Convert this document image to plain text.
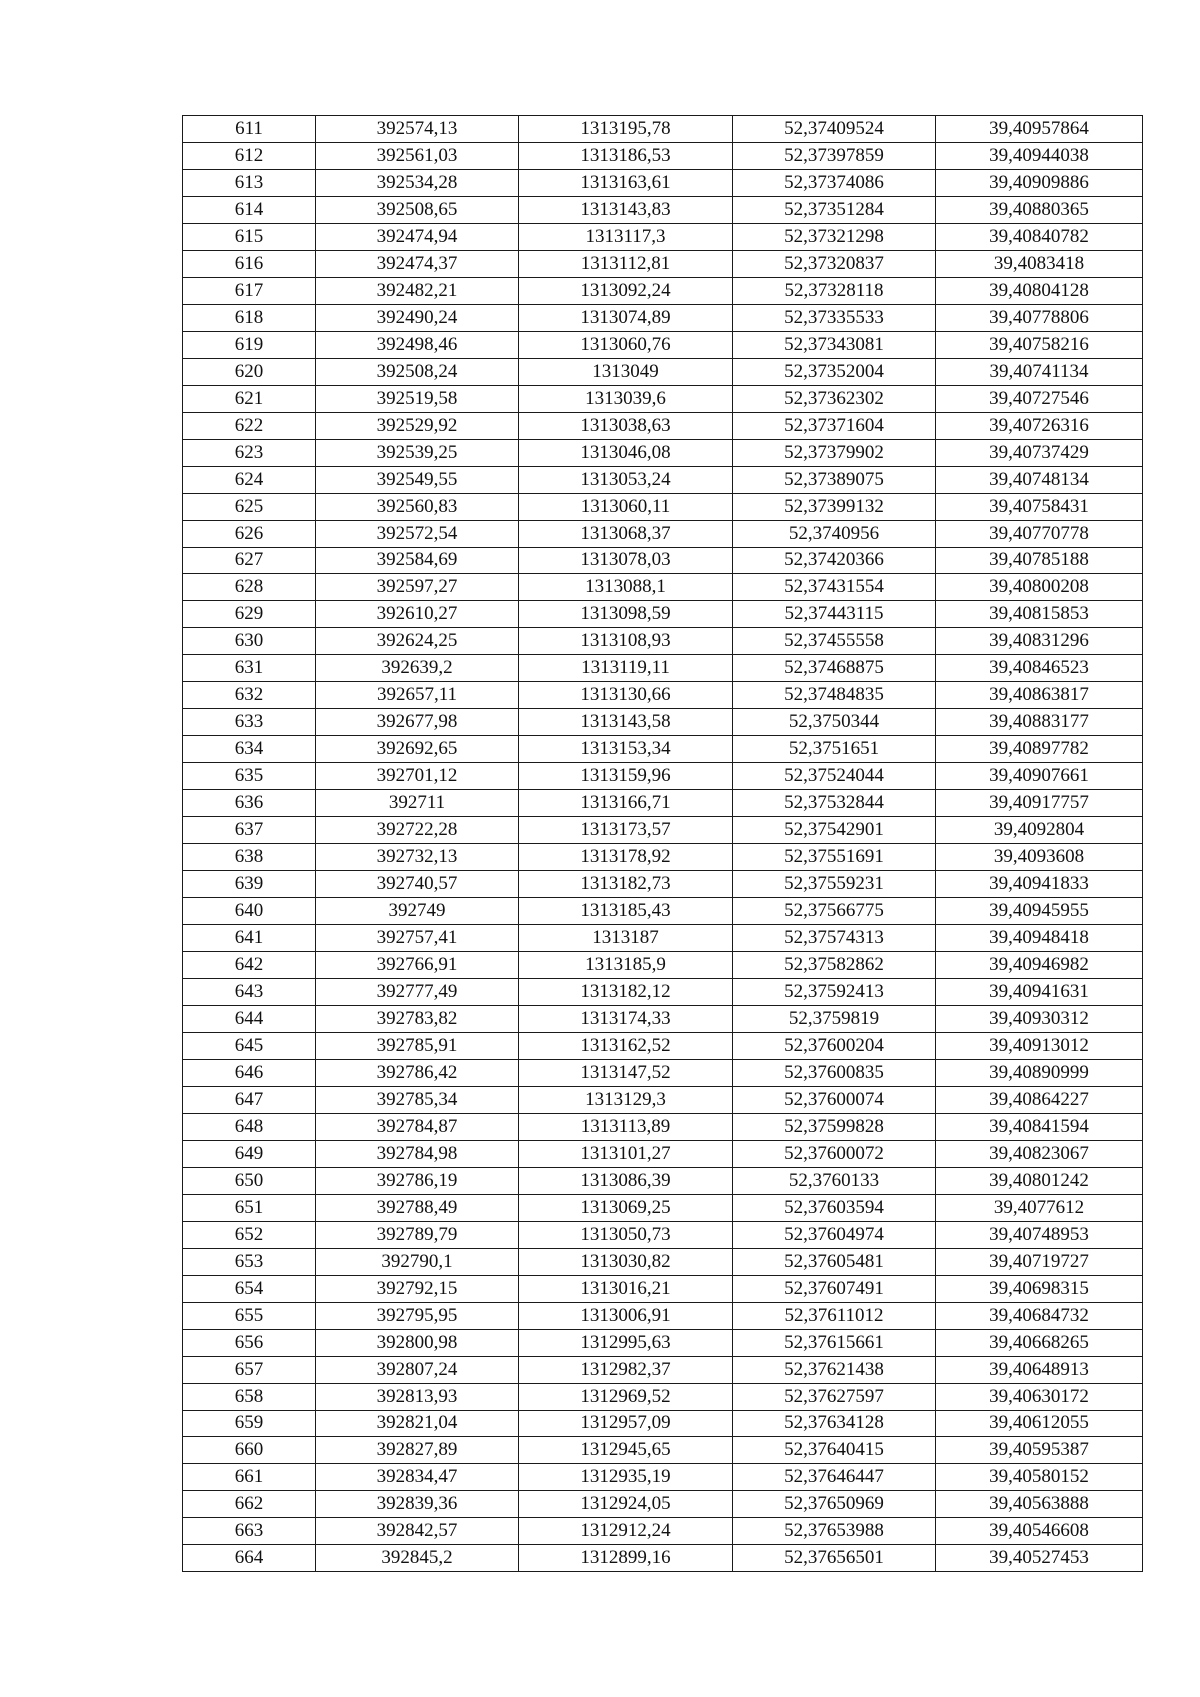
611	392574,13	1313195,78	52,37409524	39,40957864
612	392561,03	1313186,53	52,37397859	39,40944038
613	392534,28	1313163,61	52,37374086	39,40909886
614	392508,65	1313143,83	52,37351284	39,40880365
615	392474,94	1313117,3	52,37321298	39,40840782
616	392474,37	1313112,81	52,37320837	39,4083418
617	392482,21	1313092,24	52,37328118	39,40804128
618	392490,24	1313074,89	52,37335533	39,40778806
619	392498,46	1313060,76	52,37343081	39,40758216
620	392508,24	1313049	52,37352004	39,40741134
621	392519,58	1313039,6	52,37362302	39,40727546
622	392529,92	1313038,63	52,37371604	39,40726316
623	392539,25	1313046,08	52,37379902	39,40737429
624	392549,55	1313053,24	52,37389075	39,40748134
625	392560,83	1313060,11	52,37399132	39,40758431
626	392572,54	1313068,37	52,3740956	39,40770778
627	392584,69	1313078,03	52,37420366	39,40785188
628	392597,27	1313088,1	52,37431554	39,40800208
629	392610,27	1313098,59	52,37443115	39,40815853
630	392624,25	1313108,93	52,37455558	39,40831296
631	392639,2	1313119,11	52,37468875	39,40846523
632	392657,11	1313130,66	52,37484835	39,40863817
633	392677,98	1313143,58	52,3750344	39,40883177
634	392692,65	1313153,34	52,3751651	39,40897782
635	392701,12	1313159,96	52,37524044	39,40907661
636	392711	1313166,71	52,37532844	39,40917757
637	392722,28	1313173,57	52,37542901	39,4092804
638	392732,13	1313178,92	52,37551691	39,4093608
639	392740,57	1313182,73	52,37559231	39,40941833
640	392749	1313185,43	52,37566775	39,40945955
641	392757,41	1313187	52,37574313	39,40948418
642	392766,91	1313185,9	52,37582862	39,40946982
643	392777,49	1313182,12	52,37592413	39,40941631
644	392783,82	1313174,33	52,3759819	39,40930312
645	392785,91	1313162,52	52,37600204	39,40913012
646	392786,42	1313147,52	52,37600835	39,40890999
647	392785,34	1313129,3	52,37600074	39,40864227
648	392784,87	1313113,89	52,37599828	39,40841594
649	392784,98	1313101,27	52,37600072	39,40823067
650	392786,19	1313086,39	52,3760133	39,40801242
651	392788,49	1313069,25	52,37603594	39,4077612
652	392789,79	1313050,73	52,37604974	39,40748953
653	392790,1	1313030,82	52,37605481	39,40719727
654	392792,15	1313016,21	52,37607491	39,40698315
655	392795,95	1313006,91	52,37611012	39,40684732
656	392800,98	1312995,63	52,37615661	39,40668265
657	392807,24	1312982,37	52,37621438	39,40648913
658	392813,93	1312969,52	52,37627597	39,40630172
659	392821,04	1312957,09	52,37634128	39,40612055
660	392827,89	1312945,65	52,37640415	39,40595387
661	392834,47	1312935,19	52,37646447	39,40580152
662	392839,36	1312924,05	52,37650969	39,40563888
663	392842,57	1312912,24	52,37653988	39,40546608
664	392845,2	1312899,16	52,37656501	39,40527453
